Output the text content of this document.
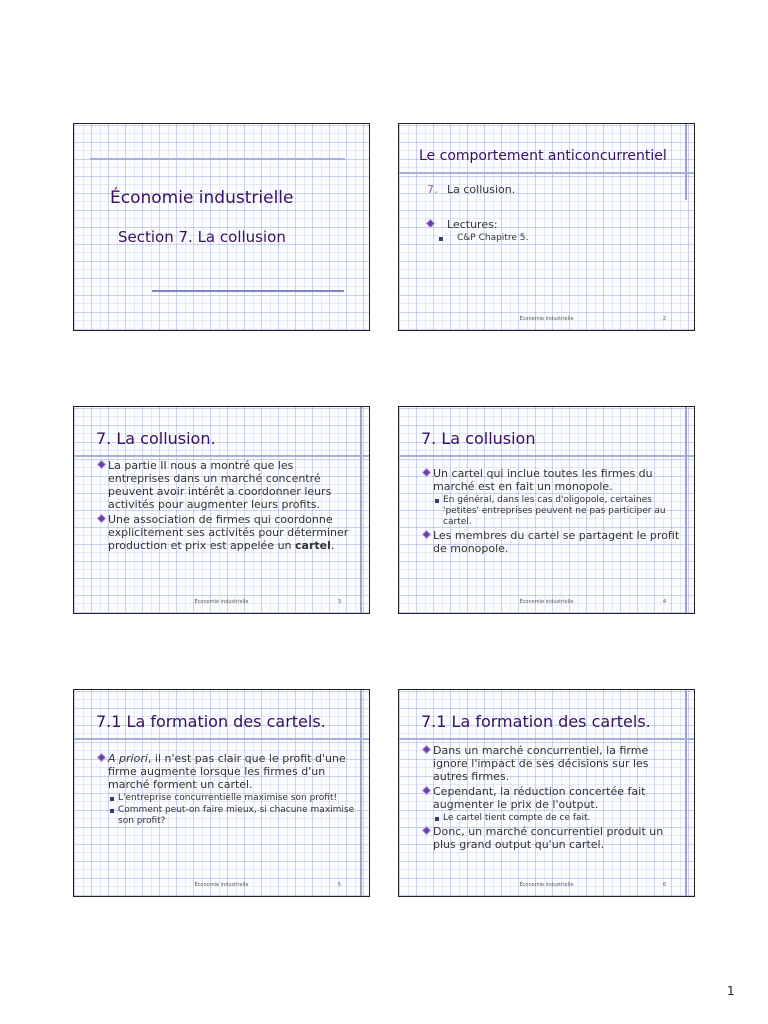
Économie industrielle
Section 7. La collusion
Le comportement anticoncurrentiel
7. La collusion.
Lectures:
C&P Chapitre 5.
Économie industrielle	2
7. La collusion.
La partie II nous a montré que les entreprises dans un marché concentré peuvent avoir intérêt a coordonner leurs activités pour augmenter leurs profits.
Une association de firmes qui coordonne explicitement ses activités pour déterminer production et prix est appelée un cartel.
Économie industrielle	3
7. La collusion
Un cartel qui inclue toutes les firmes du marché est en fait un monopole.
En général, dans les cas d'oligopole, certaines 'petites' entreprises peuvent ne pas participer au cartel.
Les membres du cartel se partagent le profit de monopole.
Économie industrielle	4
7.1 La formation des cartels.
A priori, il n'est pas clair que le profit d'une firme augmente lorsque les firmes d'un marché forment un cartel.
L'entreprise concurrentielle maximise son profit!
Comment peut-on faire mieux, si chacune maximise son profit?
Économie industrielle	5
7.1 La formation des cartels.
Dans un marché concurrentiel, la firme ignore l'impact de ses décisions sur les autres firmes.
Cependant, la réduction concertée fait augmenter le prix de l'output.
Le cartel tient compte de ce fait.
Donc, un marché concurrentiel produit un plus grand output qu'un cartel.
Économie industrielle	6
1
